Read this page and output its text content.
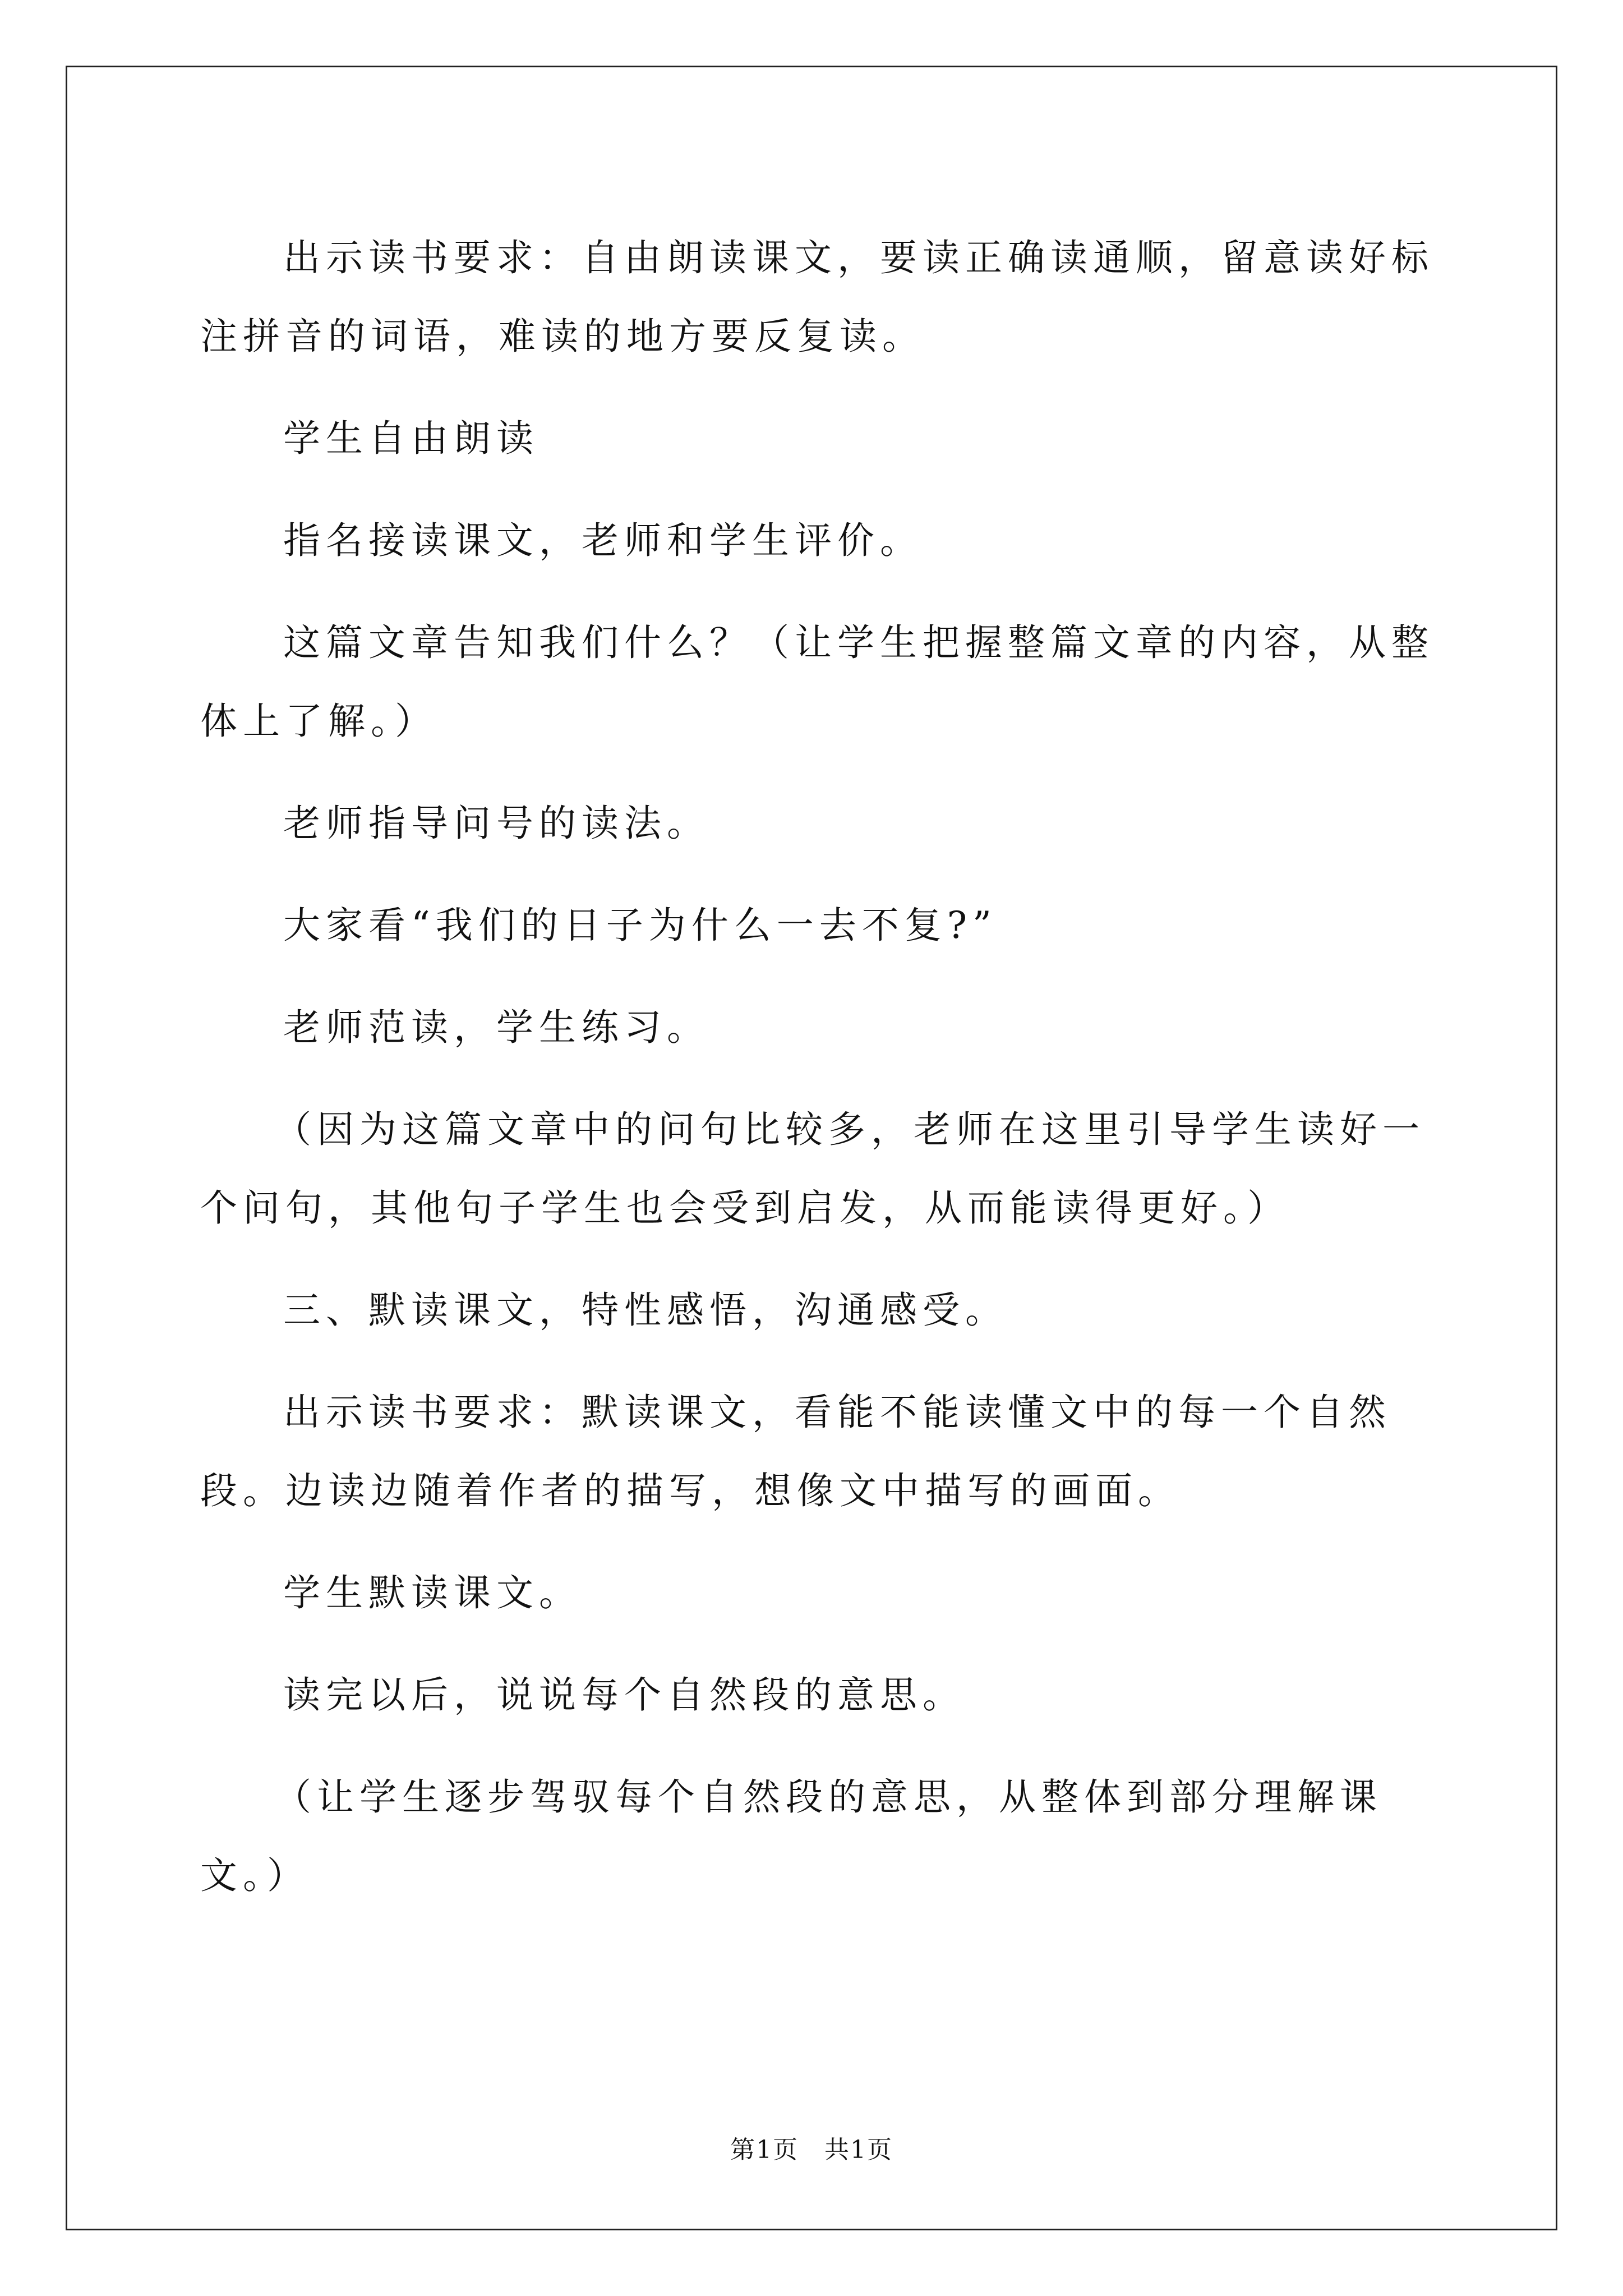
出示读书要求：自由朗读课文，要读正确读通顺，留意读好标注拼音的词语，难读的地方要反复读。

学生自由朗读

指名接读课文，老师和学生评价。

这篇文章告知我们什么？（让学生把握整篇文章的内容，从整体上了解。）

老师指导问号的读法。

大家看“我们的日子为什么一去不复?”

老师范读，学生练习。

（因为这篇文章中的问句比较多，老师在这里引导学生读好一个问句，其他句子学生也会受到启发，从而能读得更好。）

三、默读课文，特性感悟，沟通感受。

出示读书要求：默读课文，看能不能读懂文中的每一个自然段。边读边随着作者的描写，想像文中描写的画面。

学生默读课文。

读完以后，说说每个自然段的意思。

（让学生逐步驾驭每个自然段的意思，从整体到部分理解课文。）

第1页　共1页
